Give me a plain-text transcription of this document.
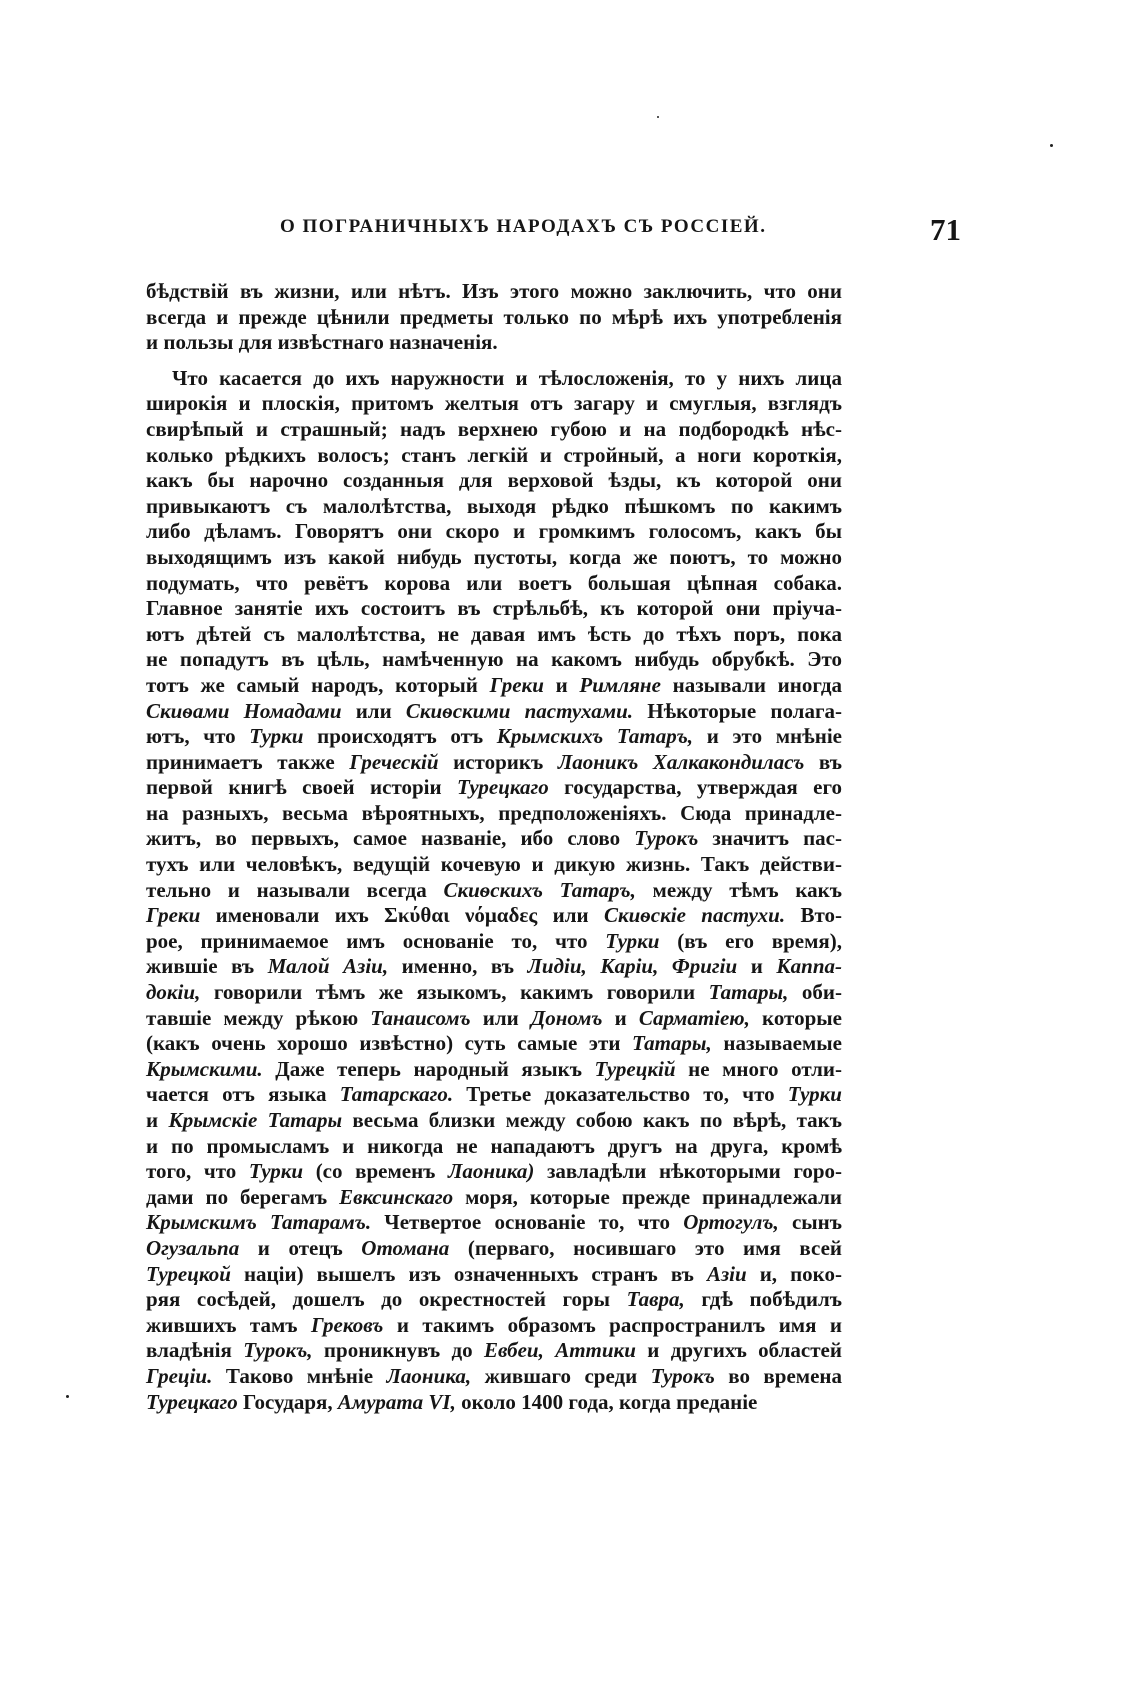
О ПОГРАНИЧНЫХЪ НАРОДАХЪ СЪ РОССІЕЙ.	71
бѣдствій въ жизни, или нѣтъ. Изъ этого можно заключить, что они
всегда и прежде цѣнили предметы только по мѣрѣ ихъ употребленія
и пользы для извѣстнаго назначенія.
Что касается до ихъ наружности и тѣлосложенія, то у нихъ лица
широкія и плоскія, притомъ желтыя отъ загару и смуглыя, взглядъ
свирѣпый и страшный; надъ верхнею губою и на подбородкѣ нѣс-
колько рѣдкихъ волосъ; станъ легкій и стройный, а ноги короткія,
какъ бы нарочно созданныя для верховой ѣзды, къ которой они
привыкаютъ съ малолѣтства, выходя рѣдко пѣшкомъ по какимъ
либо дѣламъ. Говорятъ они скоро и громкимъ голосомъ, какъ бы
выходящимъ изъ какой нибудь пустоты, когда же поютъ, то можно
подумать, что ревётъ корова или воетъ большая цѣпная собака.
Главное занятіе ихъ состоитъ въ стрѣльбѣ, къ которой они пріуча-
ютъ дѣтей съ малолѣтства, не давая имъ ѣсть до тѣхъ поръ, пока
не попадутъ въ цѣль, намѣченную на какомъ нибудь обрубкѣ. Это
тотъ же самый народъ, который Греки и Римляне называли иногда
Скиѳами Номадами или Скиѳскими пастухами. Нѣкоторые полага-
ютъ, что Турки происходятъ отъ Крымскихъ Татаръ, и это мнѣніе
принимаетъ также Греческій историкъ Лаоникъ Халкакондиласъ въ
первой книгѣ своей исторіи Турецкаго государства, утверждая его
на разныхъ, весьма вѣроятныхъ, предположеніяхъ. Сюда принадле-
житъ, во первыхъ, самое названіе, ибо слово Турокъ значитъ пас-
тухъ или человѣкъ, ведущій кочевую и дикую жизнь. Такъ действи-
тельно и называли всегда Скиѳскихъ Татаръ, между тѣмъ какъ
Греки именовали ихъ Σκύθαι νόμαδες или Скиѳскіе пастухи. Вто-
рое, принимаемое имъ основаніе то, что Турки (въ его время),
жившіе въ Малой Азіи, именно, въ Лидіи, Каріи, Фригіи и Каппа-
докіи, говорили тѣмъ же языкомъ, какимъ говорили Татары, оби-
тавшіе между рѣкою Танаисомъ или Дономъ и Сарматіею, которые
(какъ очень хорошо извѣстно) суть самые эти Татары, называемые
Крымскими. Даже теперь народный языкъ Турецкій не много отли-
чается отъ языка Татарскаго. Третье доказательство то, что Турки
и Крымскіе Татары весьма близки между собою какъ по вѣрѣ, такъ
и по промысламъ и никогда не нападаютъ другъ на друга, кромѣ
того, что Турки (со временъ Лаоника) завладѣли нѣкоторыми горо-
дами по берегамъ Евксинскаго моря, которые прежде принадлежали
Крымскимъ Татарамъ. Четвертое основаніе то, что Ортогулъ, сынъ
Огузальпа и отецъ Отомана (перваго, носившаго это имя всей
Турецкой націи) вышелъ изъ означенныхъ странъ въ Азіи и, поко-
ряя сосѣдей, дошелъ до окрестностей горы Тавра, гдѣ побѣдилъ
жившихъ тамъ Грековъ и такимъ образомъ распространилъ имя и
владѣнія Турокъ, проникнувъ до Евбеи, Аттики и другихъ областей
Греціи. Таково мнѣніе Лаоника, жившаго среди Турокъ во времена
Турецкаго Государя, Амурата VI, около 1400 года, когда преданіе
